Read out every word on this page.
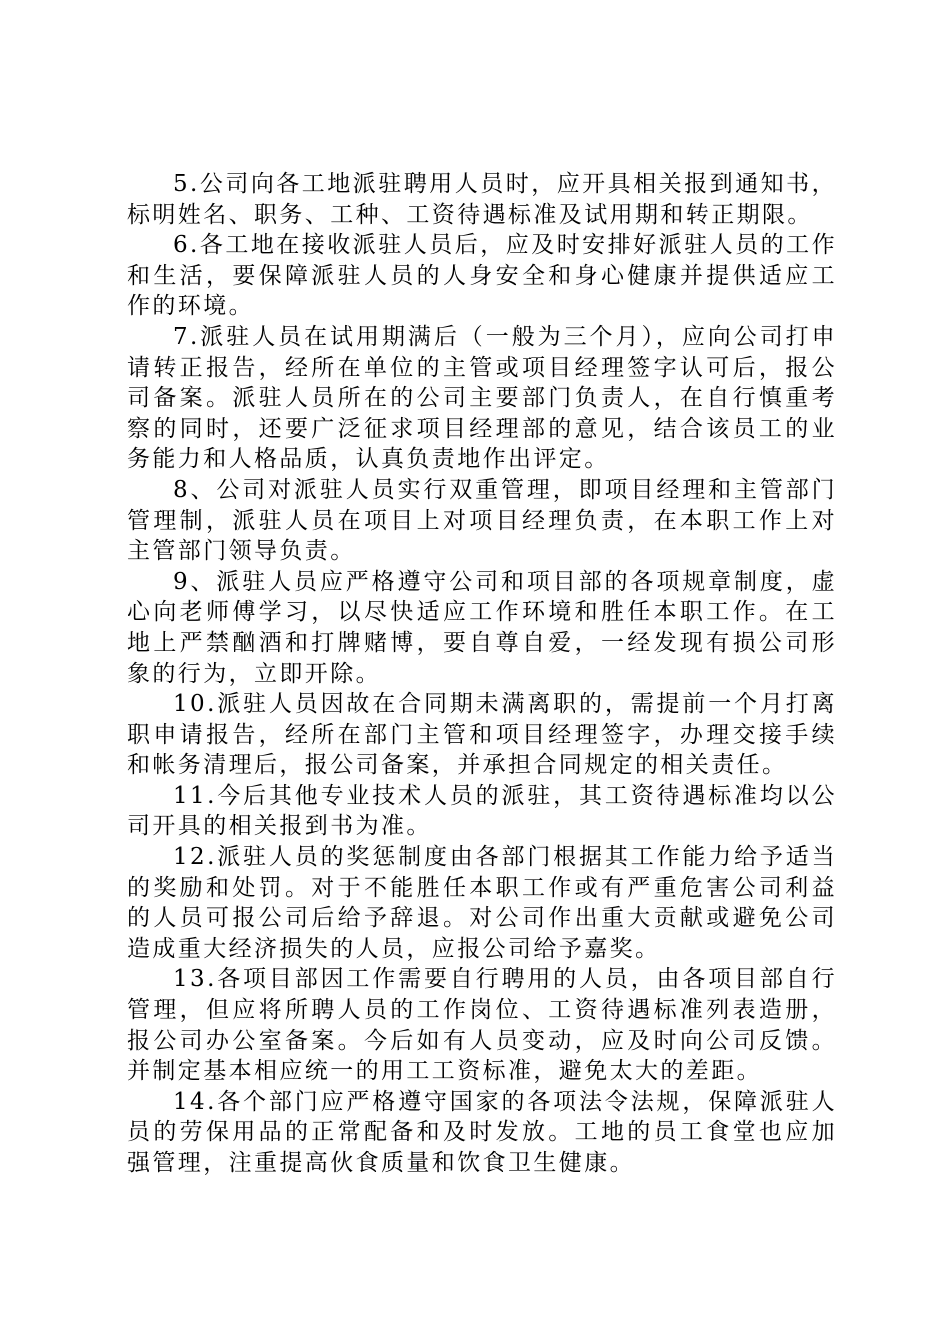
5.公司向各工地派驻聘用人员时，应开具相关报到通知书，标明姓名、职务、工种、工资待遇标准及试用期和转正期限。

6.各工地在接收派驻人员后，应及时安排好派驻人员的工作和生活，要保障派驻人员的人身安全和身心健康并提供适应工作的环境。

7.派驻人员在试用期满后（一般为三个月），应向公司打申请转正报告，经所在单位的主管或项目经理签字认可后，报公司备案。派驻人员所在的公司主要部门负责人，在自行慎重考察的同时，还要广泛征求项目经理部的意见，结合该员工的业务能力和人格品质，认真负责地作出评定。

8、公司对派驻人员实行双重管理，即项目经理和主管部门管理制，派驻人员在项目上对项目经理负责，在本职工作上对主管部门领导负责。

9、派驻人员应严格遵守公司和项目部的各项规章制度，虚心向老师傅学习，以尽快适应工作环境和胜任本职工作。在工地上严禁酗酒和打牌赌博，要自尊自爱，一经发现有损公司形象的行为，立即开除。

10.派驻人员因故在合同期未满离职的，需提前一个月打离职申请报告，经所在部门主管和项目经理签字，办理交接手续和帐务清理后，报公司备案，并承担合同规定的相关责任。

11.今后其他专业技术人员的派驻，其工资待遇标准均以公司开具的相关报到书为准。

12.派驻人员的奖惩制度由各部门根据其工作能力给予适当的奖励和处罚。对于不能胜任本职工作或有严重危害公司利益的人员可报公司后给予辞退。对公司作出重大贡献或避免公司造成重大经济损失的人员，应报公司给予嘉奖。

13.各项目部因工作需要自行聘用的人员，由各项目部自行管理，但应将所聘人员的工作岗位、工资待遇标准列表造册，报公司办公室备案。今后如有人员变动，应及时向公司反馈。并制定基本相应统一的用工工资标准，避免太大的差距。

14.各个部门应严格遵守国家的各项法令法规，保障派驻人员的劳保用品的正常配备和及时发放。工地的员工食堂也应加强管理，注重提高伙食质量和饮食卫生健康。
